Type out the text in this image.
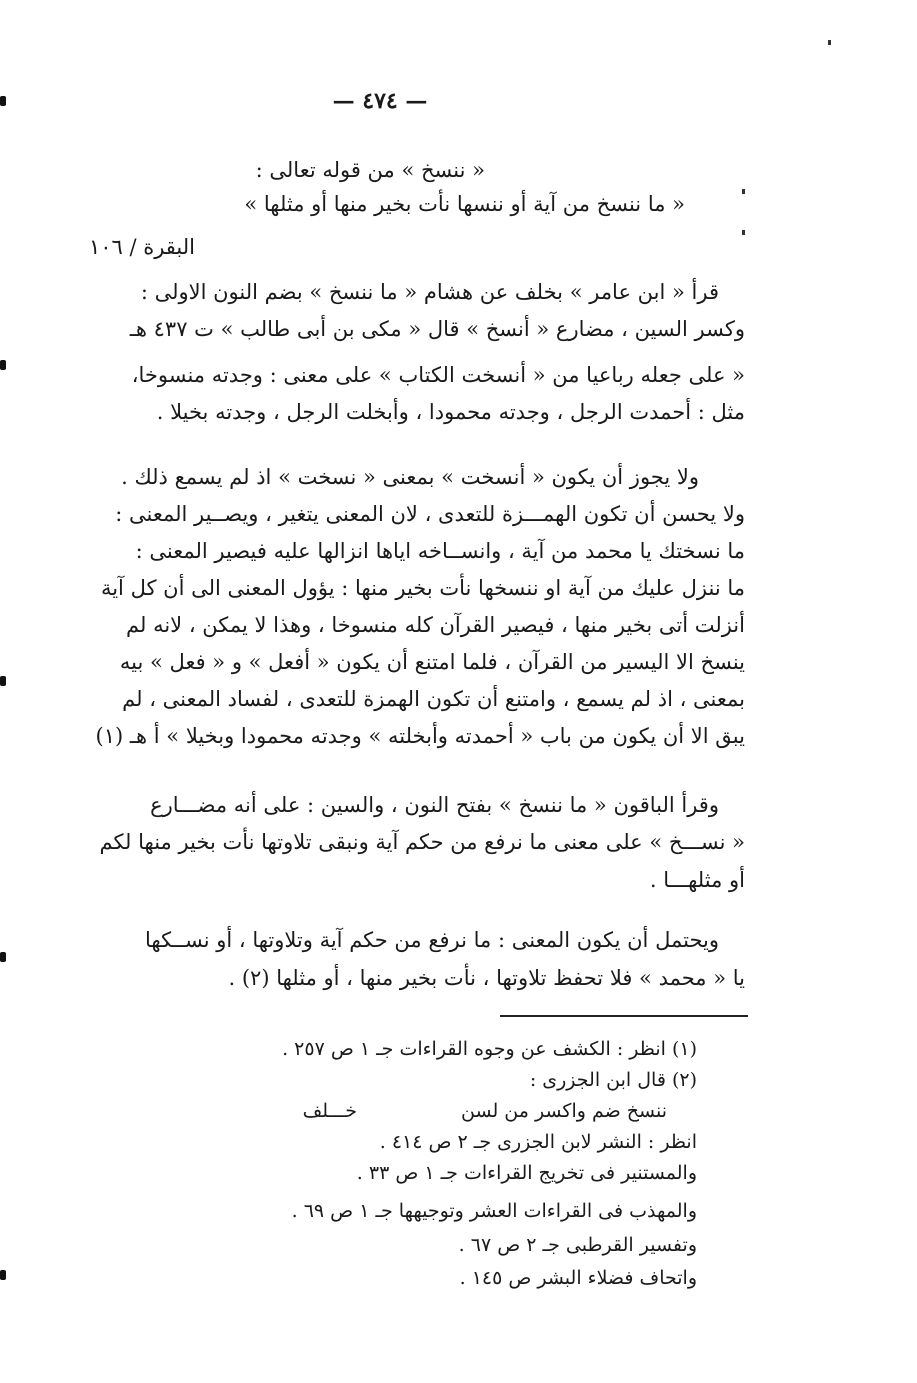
— ٤٧٤ —
« ننسخ » من قوله تعالى :
« ما ننسخ من آية أو ننسها نأت بخير منها أو مثلها »
البقرة / ١٠٦
قرأ « ابن عامر » بخلف عن هشام « ما ننسخ » بضم النون الاولى :
وكسر السين ، مضارع « أنسخ » قال « مكى بن أبى طالب » ت ٤٣٧ هـ
« على جعله رباعيا من « أنسخت الكتاب » على معنى : وجدته منسوخا،
مثل : أحمدت الرجل ، وجدته محمودا ، وأبخلت الرجل ، وجدته بخيلا .
ولا يجوز أن يكون « أنسخت » بمعنى « نسخت » اذ لم يسمع ذلك .
ولا يحسن أن تكون الهمـــزة للتعدى ، لان المعنى يتغير ، ويصــير المعنى :
ما نسختك يا محمد من آية ، وانســاخه اياها انزالها عليه فيصير المعنى :
ما ننزل عليك من آية او ننسخها نأت بخير منها : يؤول المعنى الى أن كل آية
أنزلت أتى بخير منها ، فيصير القرآن كله منسوخا ، وهذا لا يمكن ، لانه لم
ينسخ الا اليسير من القرآن ، فلما امتنع أن يكون « أفعل » و « فعل » بيه
بمعنى ، اذ لم يسمع ، وامتنع أن تكون الهمزة للتعدى ، لفساد المعنى ، لم
يبق الا أن يكون من باب « أحمدته وأبخلته » وجدته محمودا وبخيلا » أ هـ (١)
وقرأ الباقون « ما ننسخ » بفتح النون ، والسين : على أنه مضـــارع
« نســـخ » على معنى ما نرفع من حكم آية ونبقى تلاوتها نأت بخير منها لكم
أو مثلهـــا .
ويحتمل أن يكون المعنى : ما نرفع من حكم آية وتلاوتها ، أو نســكها
يا « محمد » فلا تحفظ تلاوتها ، نأت بخير منها ، أو مثلها (٢) .
(١) انظر : الكشف عن وجوه القراءات جـ ١ ص ٢٥٧ .
(٢) قال ابن الجزرى :
ننسخ ضم واكسر من لسن
خـــلف
انظر : النشر لابن الجزرى جـ ٢ ص ٤١٤ .
والمستنير فى تخريج القراءات جـ ١ ص ٣٣ .
والمهذب فى القراءات العشر وتوجيهها جـ ١ ص ٦٩ .
وتفسير القرطبى جـ ٢ ص ٦٧ .
واتحاف فضلاء البشر ص ١٤٥ .
